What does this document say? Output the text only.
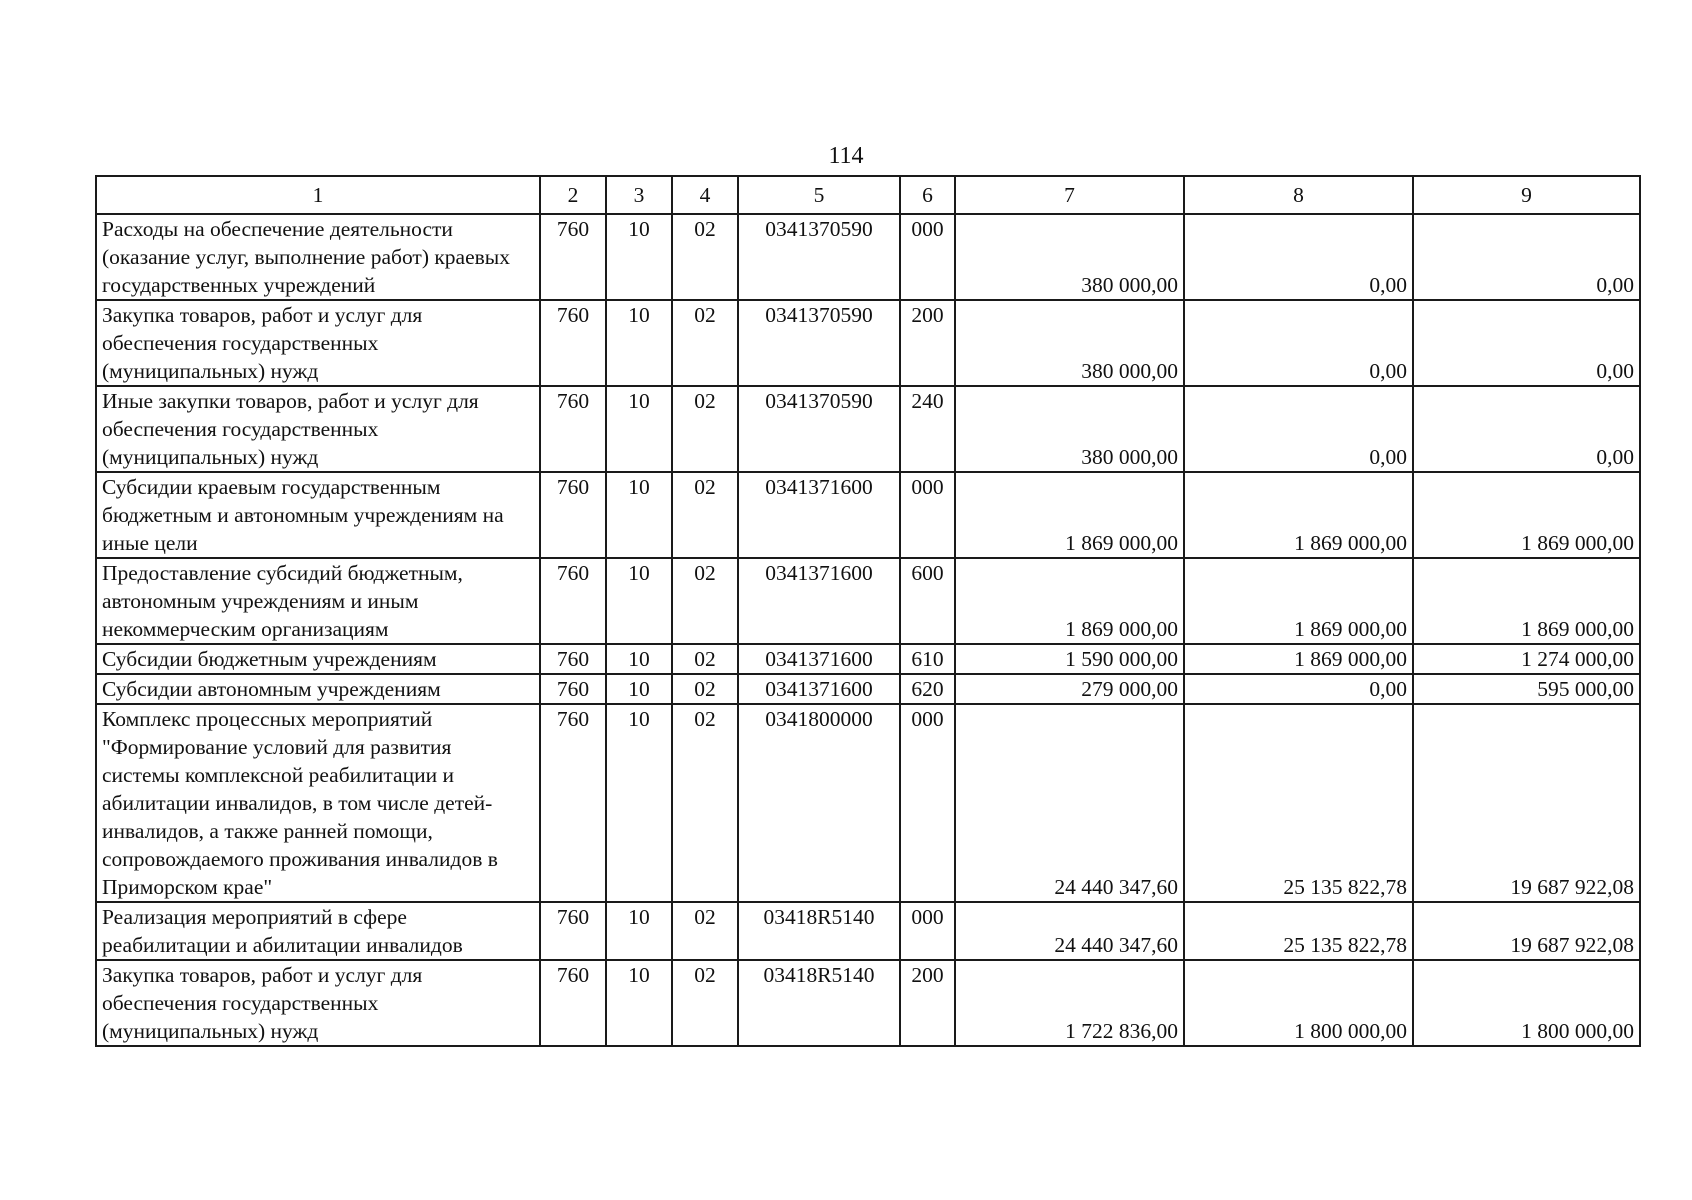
114
1	2	3	4	5	6	7	8	9
Расходы на обеспечение деятельности (оказание услуг, выполнение работ) краевых государственных учреждений	760	10	02	0341370590	000	380 000,00	0,00	0,00
Закупка товаров, работ и услуг для обеспечения государственных (муниципальных) нужд	760	10	02	0341370590	200	380 000,00	0,00	0,00
Иные закупки товаров, работ и услуг для обеспечения государственных (муниципальных) нужд	760	10	02	0341370590	240	380 000,00	0,00	0,00
Субсидии краевым государственным бюджетным и автономным учреждениям на иные цели	760	10	02	0341371600	000	1 869 000,00	1 869 000,00	1 869 000,00
Предоставление субсидий бюджетным, автономным учреждениям и иным некоммерческим организациям	760	10	02	0341371600	600	1 869 000,00	1 869 000,00	1 869 000,00
Субсидии бюджетным учреждениям	760	10	02	0341371600	610	1 590 000,00	1 869 000,00	1 274 000,00
Субсидии автономным учреждениям	760	10	02	0341371600	620	279 000,00	0,00	595 000,00
Комплекс процессных мероприятий "Формирование условий для развития системы комплексной реабилитации и абилитации инвалидов, в том числе детей-инвалидов, а также ранней помощи, сопровождаемого проживания инвалидов в Приморском крае"	760	10	02	0341800000	000	24 440 347,60	25 135 822,78	19 687 922,08
Реализация мероприятий в сфере реабилитации и абилитации инвалидов	760	10	02	03418R5140	000	24 440 347,60	25 135 822,78	19 687 922,08
Закупка товаров, работ и услуг для обеспечения государственных (муниципальных) нужд	760	10	02	03418R5140	200	1 722 836,00	1 800 000,00	1 800 000,00
